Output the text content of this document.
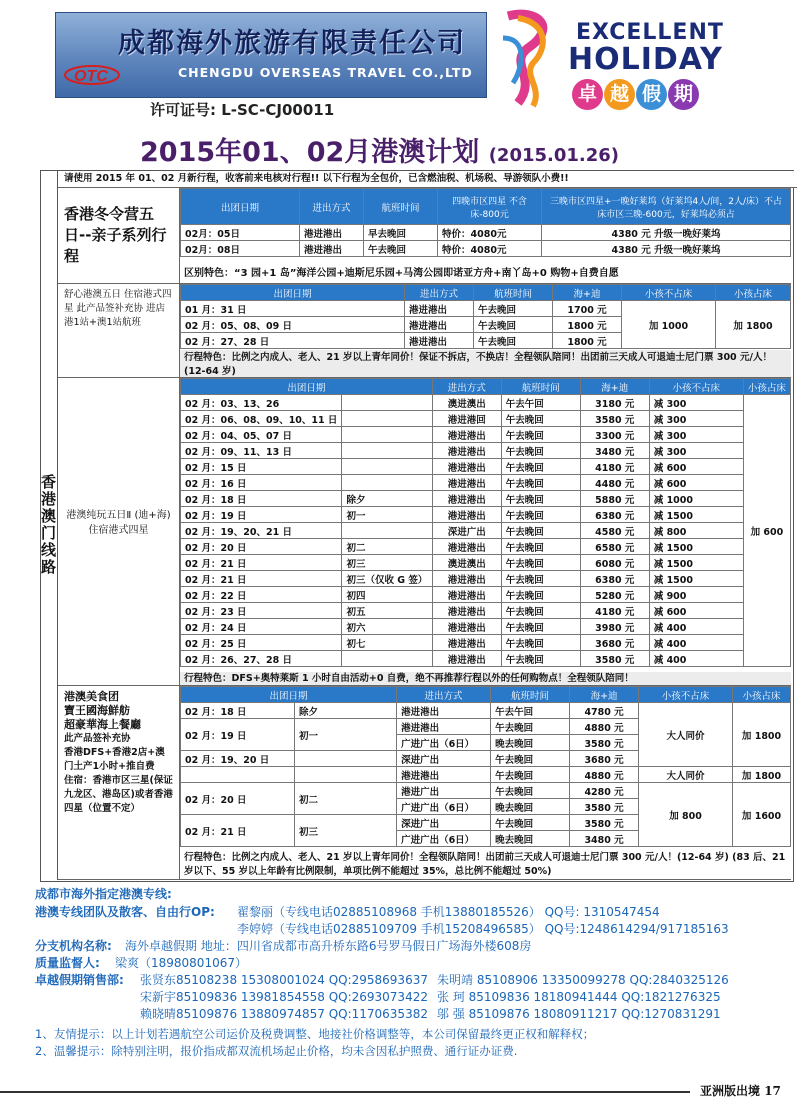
成都海外旅游有限责任公司
CHENGDU OVERSEAS TRAVEL CO.,LTD
OTC
许可证号: L-SC-CJ00011
EXCELLENT
HOLIDAY
卓 越 假 期
2015年01、02月港澳计划 (2015.01.26)
香港澳门线路
请使用 2015 年 01、02 月新行程，收客前来电核对行程!! 以下行程为全包价，已含燃油税、机场税、导游领队小费!!
香港冬令营五日--亲子系列行程
出团日期	进出方式	航班时间	四晚市区四星 不含床-800元	三晚市区四星+一晚好莱坞（好莱坞4人/间，2人/床）不占床市区三晚-600元，好莱坞必须占
02月：05日	港进港出	早去晚回	特价：4080元	4380 元 升级一晚好莱坞
02月：08日	港进港出	午去晚回	特价：4080元	4380 元 升级一晚好莱坞
区别特色：“3 园+1 岛”海洋公园+迪斯尼乐园+马湾公园即诺亚方舟+南丫岛+0 购物+自费自愿
舒心港澳五日 住宿港式四星 此产品签补充协 进店港1站+澳1站航班
出团日期	进出方式	航班时间	海+迪	小孩不占床	小孩占床
01 月：31 日	港进港出	午去晚回	1700 元	加 1000	加 1800
02 月：05、08、09 日	港进港出	午去晚回	1800 元		
02 月：27、28 日	港进港出	午去晚回	1800 元		
行程特色：比例之内成人、老人、21 岁以上青年同价！保证不拆店，不换店！全程领队陪同！出团前三天成人可退迪士尼门票 300 元/人！(12-64 岁)
港澳纯玩五日Ⅱ (迪+海) 住宿港式四星
出团日期		进出方式	航班时间	海+迪	小孩不占床	小孩占床
02 月：03、13、26		澳进澳出	午去午回	3180 元	减 300	加 600
02 月：06、08、09、10、11 日		港进港回	午去晚回	3580 元	减 300	
02 月：04、05、07 日		港进港出	午去晚回	3300 元	减 300	
02 月：09、11、13 日		港进港出	午去晚回	3480 元	减 300	
02 月：15 日		港进港出	午去晚回	4180 元	减 600	
02 月：16 日		港进港出	午去晚回	4480 元	减 600	
02 月：18 日	除夕	港进港出	午去晚回	5880 元	减 1000	
02 月：19 日	初一	港进港出	午去晚回	6380 元	减 1500	
02 月：19、20、21 日		深进广出	午去晚回	4580 元	减 800	
02 月：20 日	初二	港进港出	午去晚回	6580 元	减 1500	
02 月：21 日	初三	澳进澳出	午去晚回	6080 元	减 1500	
02 月：21 日	初三（仅收 G 签）	港进港出	午去晚回	6380 元	减 1500	
02 月：22 日	初四	港进港出	午去晚回	5280 元	减 900	
02 月：23 日	初五	港进港出	午去晚回	4180 元	减 600	
02 月：24 日	初六	港进港出	午去晚回	3980 元	减 400	
02 月：25 日	初七	港进港出	午去晚回	3680 元	减 400	
02 月：26、27、28 日		港进港出	午去晚回	3580 元	减 400	
行程特色：DFS+奥特莱斯 1 小时自由活动+0 自费，绝不再推荐行程以外的任何购物点！全程领队陪同！
港澳美食团
寶王國海鮮舫
超豪華海上餐廳
此产品签补充协
香港DFS+香港2店+澳门土产1小时+推自费
住宿：香港市区三星(保证九龙区、港岛区)或者香港四星（位置不定）
出团日期		进出方式	航班时间	海+迪	小孩不占床	小孩占床
02 月：18 日	除夕	港进港出	午去午回	4780 元	大人同价	加 1800
02 月：19 日	初一	港进港出	午去晚回	4880 元		
		广进广出（6日）	晚去晚回	3580 元		
02 月：19、20 日		深进广出	午去晚回	3680 元		
		港进港出	午去晚回	4880 元	大人同价	加 1800
02 月：20 日	初二	港进广出	午去晚回	4280 元	加 800	加 1600
		广进广出（6日）	晚去晚回	3580 元		
02 月：21 日	初三	深进广出	午去晚回	3580 元		
		广进广出（6日）	晚去晚回	3480 元		
行程特色：比例之内成人、老人、21 岁以上青年同价！全程领队陪同！出团前三天成人可退迪士尼门票 300 元/人！(12-64 岁) (83 后、21 岁以下、55 岁以上年龄有比例限制，单项比例不能超过 35%，总比例不能超过 50%)
成都市海外指定港澳专线:
港澳专线团队及散客、自由行OP: 翟黎丽（专线电话02885108968 手机13880185526） QQ号: 1310547454
李婷婷（专线电话02885109709 手机15208496585） QQ号:1248614294/917185163
分支机构名称: 海外卓越假期 地址：四川省成都市高升桥东路6号罗马假日广场海外楼608房
质量监督人: 梁爽（18980801067）
卓越假期销售部: 张贤东85108238 15308001024 QQ:2958693637 朱明靖 85108906 13350099278 QQ:2840325126
宋新宇85109836 13981854558 QQ:2693073422 张 珂 85109836 18180941444 QQ:1821276325
赖晓晴85109876 13880974857 QQ:1170635382 邬 强 85109876 18080911217 QQ:1270831291
1、友情提示：以上计划若遇航空公司运价及税费调整、地接社价格调整等，本公司保留最终更正权和解释权；
2、温馨提示：除特别注明，报价指成都双流机场起止价格，均未含因私护照费、通行证办证费.
亚洲版出境 17
